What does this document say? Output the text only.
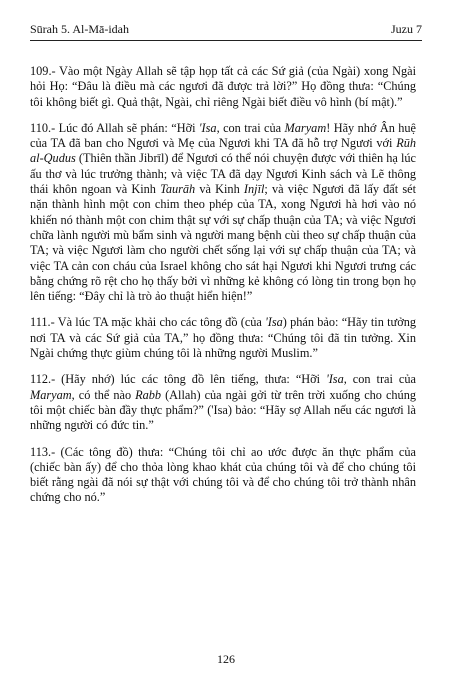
Sūrah 5. Al-Mā-idah	Juzu 7

109.- Vào một Ngày Allah sẽ tập họp tất cả các Sứ giả (của Ngài) xong Ngài hỏi Họ: “Đâu là điều mà các ngươi đã được trả lời?” Họ đồng thưa: “Chúng tôi không biết gì. Quả thật, Ngài, chỉ riêng Ngài biết điều vô hình (bí mật).”

110.- Lúc đó Allah sẽ phán: “Hỡi 'Isa, con trai của Maryam! Hãy nhớ Ân huệ của TA đã ban cho Ngươi và Mẹ của Ngươi khi TA đã hỗ trợ Ngươi với Rūh al-Qudus (Thiên thần Jibrīl) để Ngươi có thể nói chuyện được với thiên hạ lúc ấu thơ và lúc trưởng thành; và việc TA đã dạy Ngươi Kinh sách và Lẽ thông thái khôn ngoan và Kinh Taurāh và Kinh Injīl; và việc Ngươi đã lấy đất sét nặn thành hình một con chim theo phép của TA, xong Ngươi hà hơi vào nó khiến nó thành một con chim thật sự với sự chấp thuận của TA; và việc Ngươi chữa lành người mù bẩm sinh và người mang bệnh cùi theo sự chấp thuận của TA; và việc Ngươi làm cho người chết sống lại với sự chấp thuận của TA; và việc TA cản con cháu của Israel không cho sát hại Ngươi khi Ngươi trưng các bằng chứng rõ rệt cho họ thấy bởi vì những kẻ không có lòng tin trong bọn họ lên tiếng: “Đây chỉ là trò ảo thuật hiển hiện!”

111.- Và lúc TA mặc khải cho các tông đồ (của 'Isa) phán bảo: “Hãy tin tưởng nơi TA và các Sứ giả của TA,” họ đồng thưa: “Chúng tôi đã tin tưởng. Xin Ngài chứng thực giùm chúng tôi là những người Muslim.”

112.- (Hãy nhớ) lúc các tông đồ lên tiếng, thưa: “Hỡi 'Isa, con trai của Maryam, có thể nào Rabb (Allah) của ngài gởi từ trên trời xuống cho chúng tôi một chiếc bàn đầy thực phẩm?” ('Isa) bảo: “Hãy sợ Allah nếu các ngươi là những người có đức tin.”

113.- (Các tông đồ) thưa: “Chúng tôi chỉ ao ước được ăn thực phẩm của (chiếc bàn ấy) để cho thỏa lòng khao khát của chúng tôi và để cho chúng tôi biết rằng ngài đã nói sự thật với chúng tôi và để cho chúng tôi trở thành nhân chứng cho nó.”

126
